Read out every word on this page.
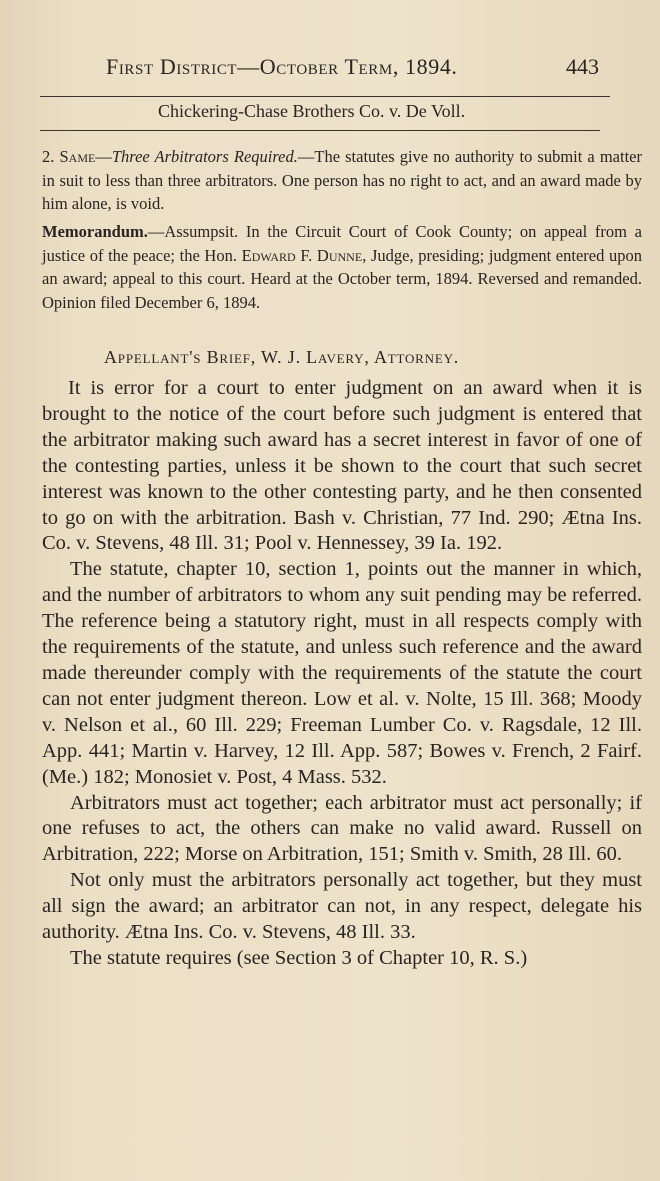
First District—October Term, 1894.	443
Chickering-Chase Brothers Co. v. De Voll.

2. Same—Three Arbitrators Required.—The statutes give no authority to submit a matter in suit to less than three arbitrators. One person has no right to act, and an award made by him alone, is void.

Memorandum.—Assumpsit. In the Circuit Court of Cook County; on appeal from a justice of the peace; the Hon. Edward F. Dunne, Judge, presiding; judgment entered upon an award; appeal to this court. Heard at the October term, 1894. Reversed and remanded. Opinion filed December 6, 1894.

Appellant's Brief, W. J. Lavery, Attorney.

It is error for a court to enter judgment on an award when it is brought to the notice of the court before such judgment is entered that the arbitrator making such award has a secret interest in favor of one of the contesting parties, unless it be shown to the court that such secret interest was known to the other contesting party, and he then consented to go on with the arbitration. Bash v. Christian, 77 Ind. 290; Ætna Ins. Co. v. Stevens, 48 Ill. 31; Pool v. Hennessey, 39 Ia. 192.

The statute, chapter 10, section 1, points out the manner in which, and the number of arbitrators to whom any suit pending may be referred. The reference being a statutory right, must in all respects comply with the requirements of the statute, and unless such reference and the award made thereunder comply with the requirements of the statute the court can not enter judgment thereon. Low et al. v. Nolte, 15 Ill. 368; Moody v. Nelson et al., 60 Ill. 229; Freeman Lumber Co. v. Ragsdale, 12 Ill. App. 441; Martin v. Harvey, 12 Ill. App. 587; Bowes v. French, 2 Fairf. (Me.) 182; Monosiet v. Post, 4 Mass. 532.

Arbitrators must act together; each arbitrator must act personally; if one refuses to act, the others can make no valid award. Russell on Arbitration, 222; Morse on Arbitration, 151; Smith v. Smith, 28 Ill. 60.

Not only must the arbitrators personally act together, but they must all sign the award; an arbitrator can not, in any respect, delegate his authority. Ætna Ins. Co. v. Stevens, 48 Ill. 33.

The statute requires (see Section 3 of Chapter 10, R. S.)
